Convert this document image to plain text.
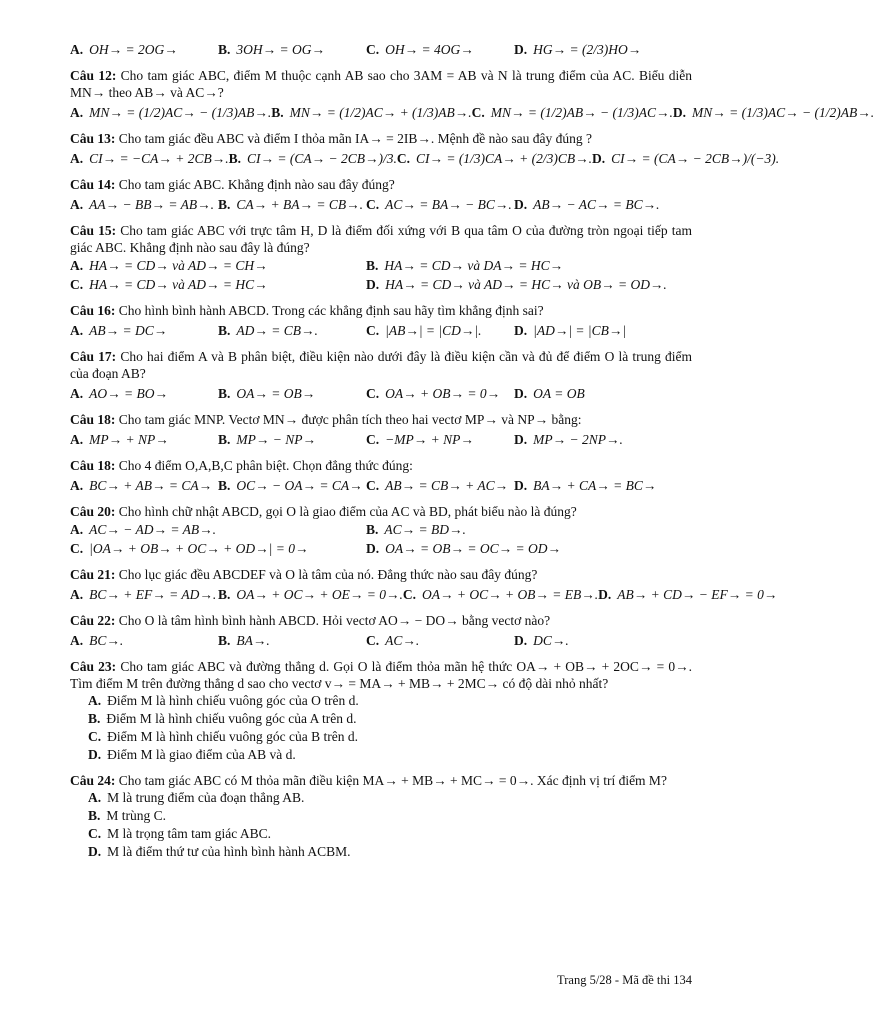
A. OH→ = 2OG→	B. 3OH→ = OG→	C. OH→ = 4OG→	D. HG→ = (2/3)HO→
Câu 12: Cho tam giác ABC, điểm M thuộc cạnh AB sao cho 3AM = AB và N là trung điểm của AC. Biểu diễn MN→ theo AB→ và AC→?
A. MN→ = (1/2)AC→ − (1/3)AB→. B. MN→ = (1/2)AC→ + (1/3)AB→. C. MN→ = (1/2)AB→ − (1/3)AC→. D. MN→ = (1/3)AC→ − (1/2)AB→.
Câu 13: Cho tam giác đều ABC và điểm I thỏa mãn IA→ = 2IB→. Mệnh đề nào sau đây đúng ?
A. CI→ = −CA→ + 2CB→. B. CI→ = (CA→ − 2CB→)/3. C. CI→ = (1/3)CA→ + (2/3)CB→. D. CI→ = (CA→ − 2CB→)/(−3).
Câu 14: Cho tam giác ABC. Khẳng định nào sau đây đúng?
A. AA→ − BB→ = AB→. B. CA→ + BA→ = CB→. C. AC→ = BA→ − BC→. D. AB→ − AC→ = BC→.
Câu 15: Cho tam giác ABC với trực tâm H, D là điểm đối xứng với B qua tâm O của đường tròn ngoại tiếp tam giác ABC. Khẳng định nào sau đây là đúng?
A. HA→ = CD→ và AD→ = CH→	B. HA→ = CD→ và DA→ = HC→
C. HA→ = CD→ và AD→ = HC→	D. HA→ = CD→ và AD→ = HC→ và OB→ = OD→.
Câu 16: Cho hình bình hành ABCD. Trong các khẳng định sau hãy tìm khẳng định sai?
A. AB→ = DC→	B. AD→ = CB→.	C. |AB→| = |CD→|.	D. |AD→| = |CB→|
Câu 17: Cho hai điểm A và B phân biệt, điều kiện nào dưới đây là điều kiện cần và đủ để điểm O là trung điểm của đoạn AB?
A. AO→ = BO→	B. OA→ = OB→	C. OA→ + OB→ = 0→	D. OA = OB
Câu 18: Cho tam giác MNP. Vectơ MN→ được phân tích theo hai vectơ MP→ và NP→ bằng:
A. MP→ + NP→	B. MP→ − NP→	C. −MP→ + NP→	D. MP→ − 2NP→.
Câu 18: Cho 4 điểm O,A,B,C phân biệt. Chọn đẳng thức đúng:
A. BC→ + AB→ = CA→ B. OC→ − OA→ = CA→ C. AB→ = CB→ + AC→ D. BA→ + CA→ = BC→
Câu 20: Cho hình chữ nhật ABCD, gọi O là giao điểm của AC và BD, phát biểu nào là đúng?
A. AC→ − AD→ = AB→.	B. AC→ = BD→.
C. |OA→ + OB→ + OC→ + OD→| = 0→	D. OA→ = OB→ = OC→ = OD→
Câu 21: Cho lục giác đều ABCDEF và O là tâm của nó. Đẳng thức nào sau đây đúng?
A. BC→ + EF→ = AD→. B. OA→ + OC→ + OE→ = 0→. C. OA→ + OC→ + OB→ = EB→. D. AB→ + CD→ − EF→ = 0→
Câu 22: Cho O là tâm hình bình hành ABCD. Hỏi vectơ AO→ − DO→ bằng vectơ nào?
A. BC→.	B. BA→.	C. AC→.	D. DC→.
Câu 23: Cho tam giác ABC và đường thẳng d. Gọi O là điểm thỏa mãn hệ thức OA→ + OB→ + 2OC→ = 0→. Tìm điểm M trên đường thẳng d sao cho vectơ v→ = MA→ + MB→ + 2MC→ có độ dài nhỏ nhất?
A. Điểm M là hình chiếu vuông góc của O trên d.
B. Điểm M là hình chiếu vuông góc của A trên d.
C. Điểm M là hình chiếu vuông góc của B trên d.
D. Điểm M là giao điểm của AB và d.
Câu 24: Cho tam giác ABC có M thỏa mãn điều kiện MA→ + MB→ + MC→ = 0→. Xác định vị trí điểm M?
A. M là trung điểm của đoạn thẳng AB.
B. M trùng C.
C. M là trọng tâm tam giác ABC.
D. M là điểm thứ tư của hình bình hành ACBM.
Trang 5/28 - Mã đề thi 134
